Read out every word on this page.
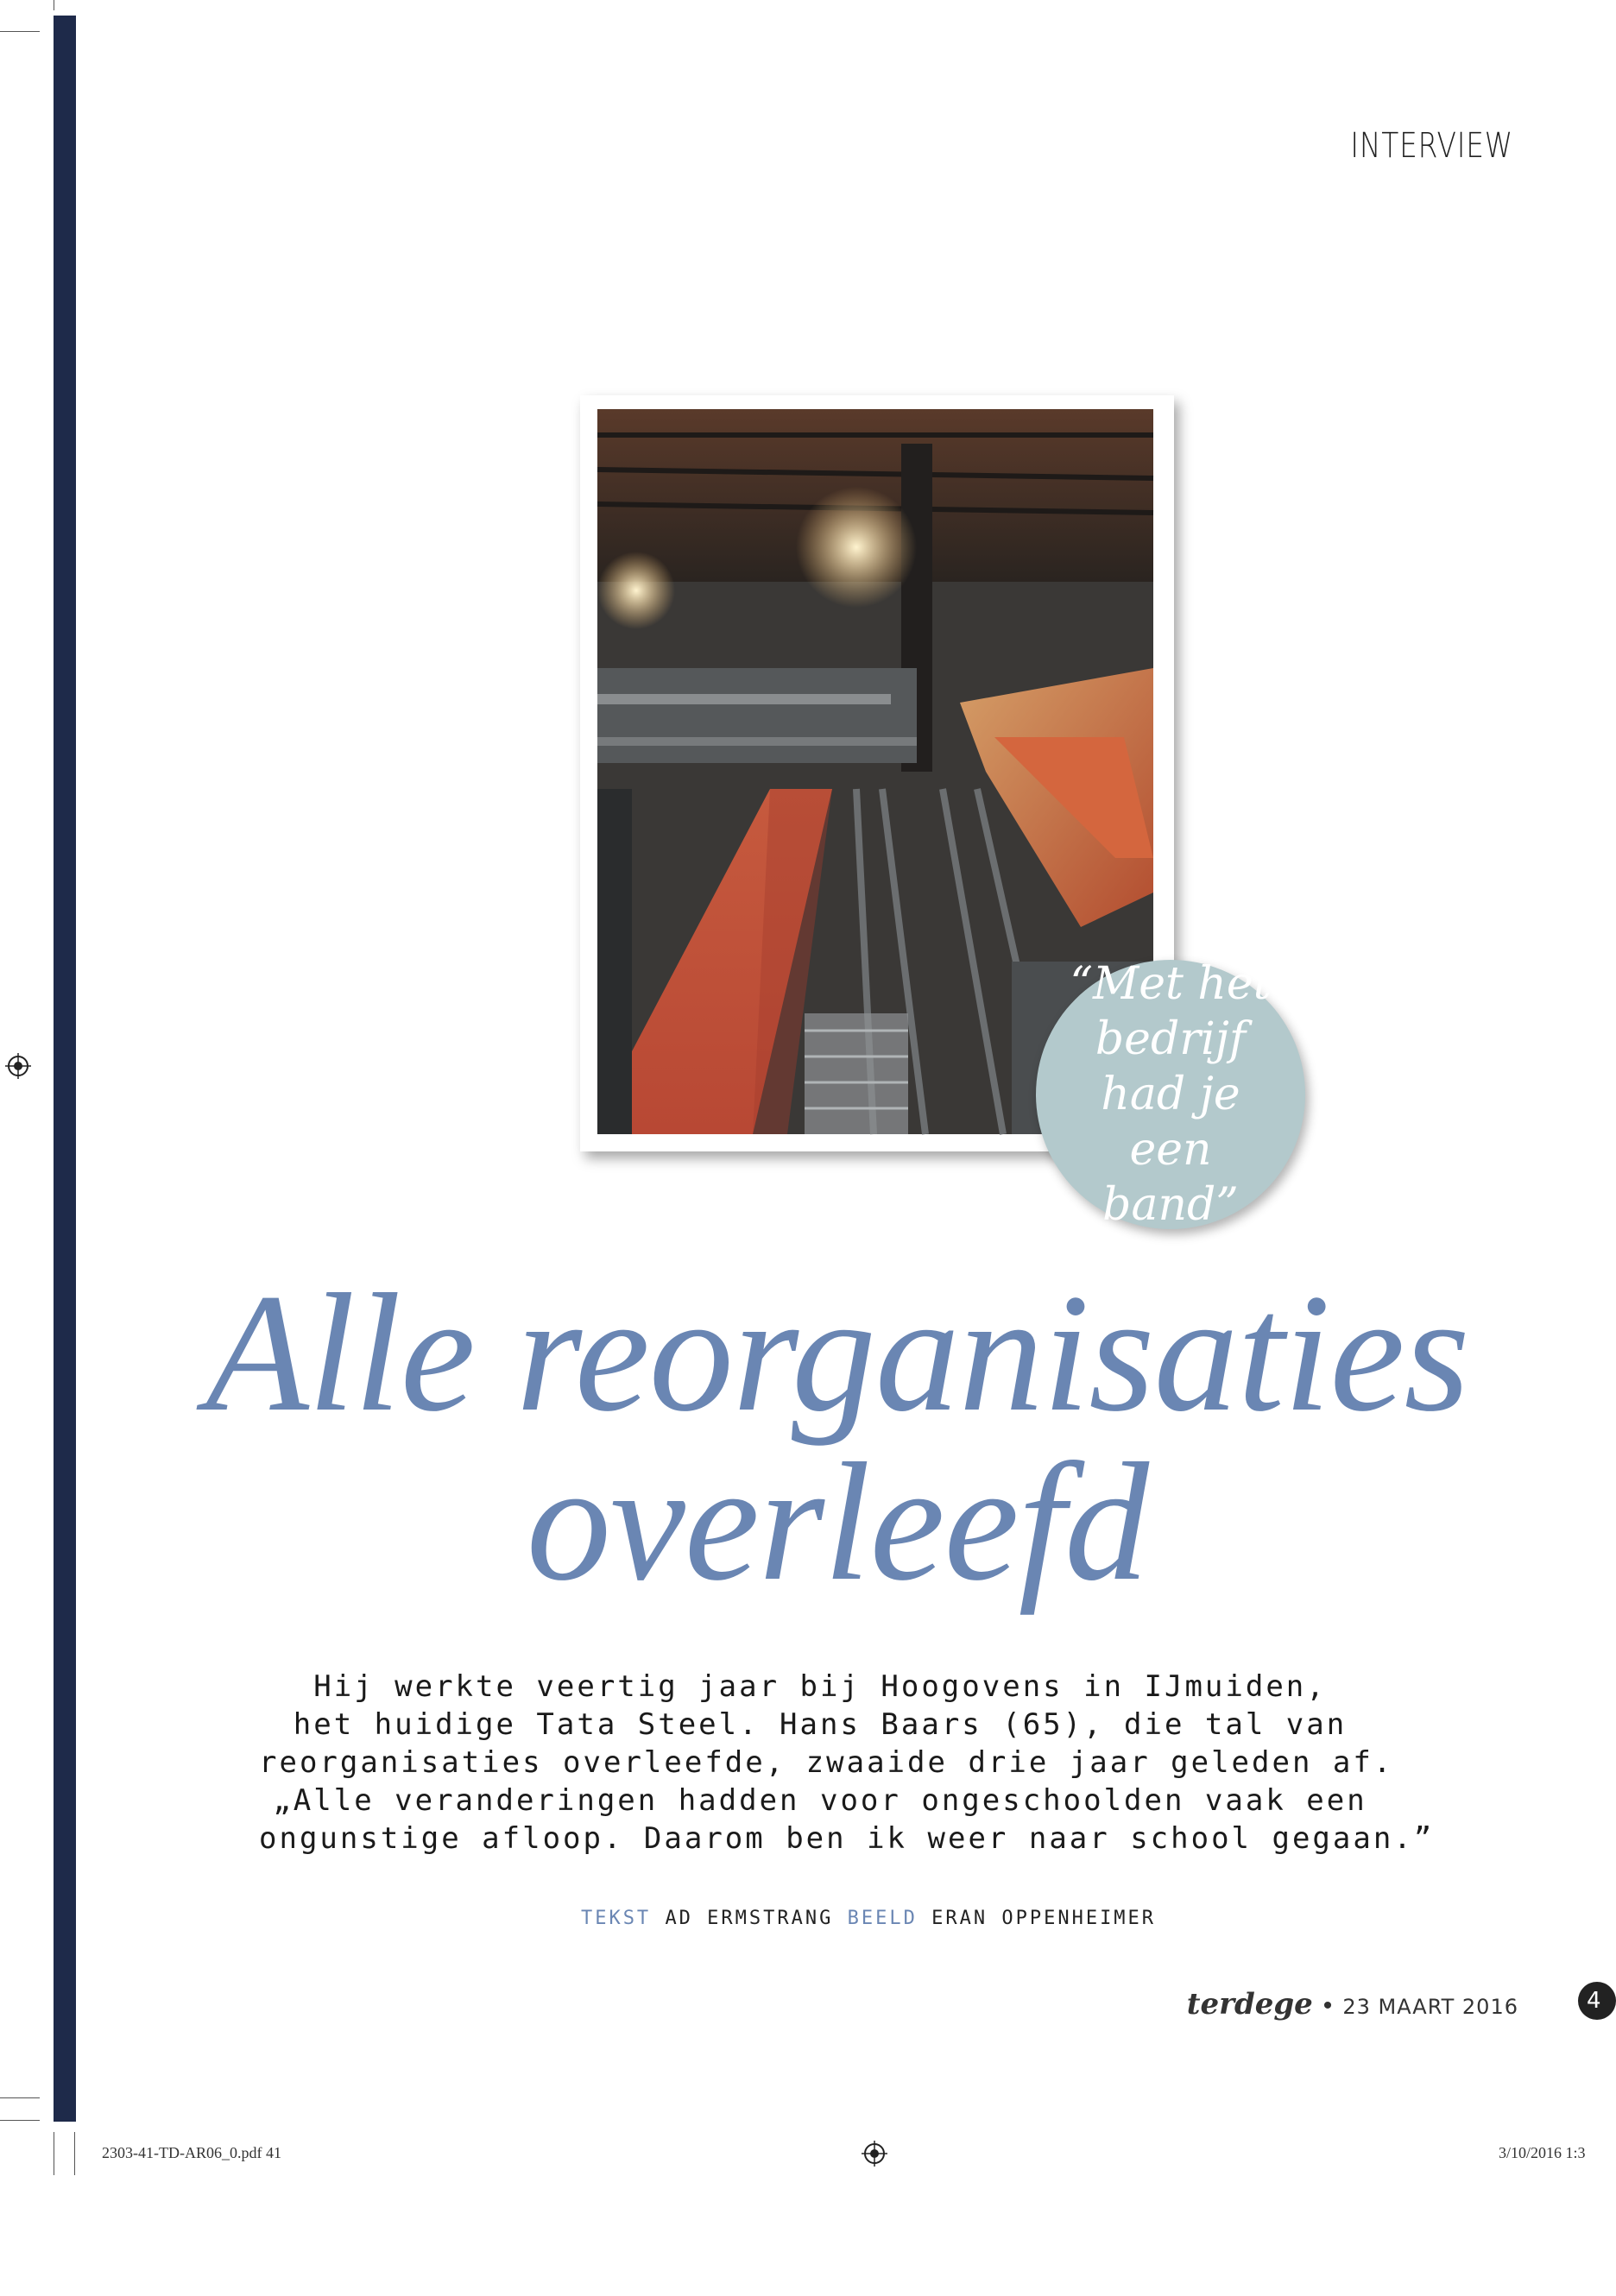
INTERVIEW
“Met het bedrijf had je een band”
Alle reorganisaties
overleefd
Hij werkte veertig jaar bij Hoogovens in IJmuiden,
het huidige Tata Steel. Hans Baars (65), die tal van
reorganisaties overleefde, zwaaide drie jaar geleden af.
„Alle veranderingen hadden voor ongeschoolden vaak een
ongunstige afloop. Daarom ben ik weer naar school gegaan.”
TEKST AD ERMSTRANG BEELD ERAN OPPENHEIMER
terdege • 23 MAART 2016	4
2303-41-TD-AR06_0.pdf 41	3/10/2016 1:3
